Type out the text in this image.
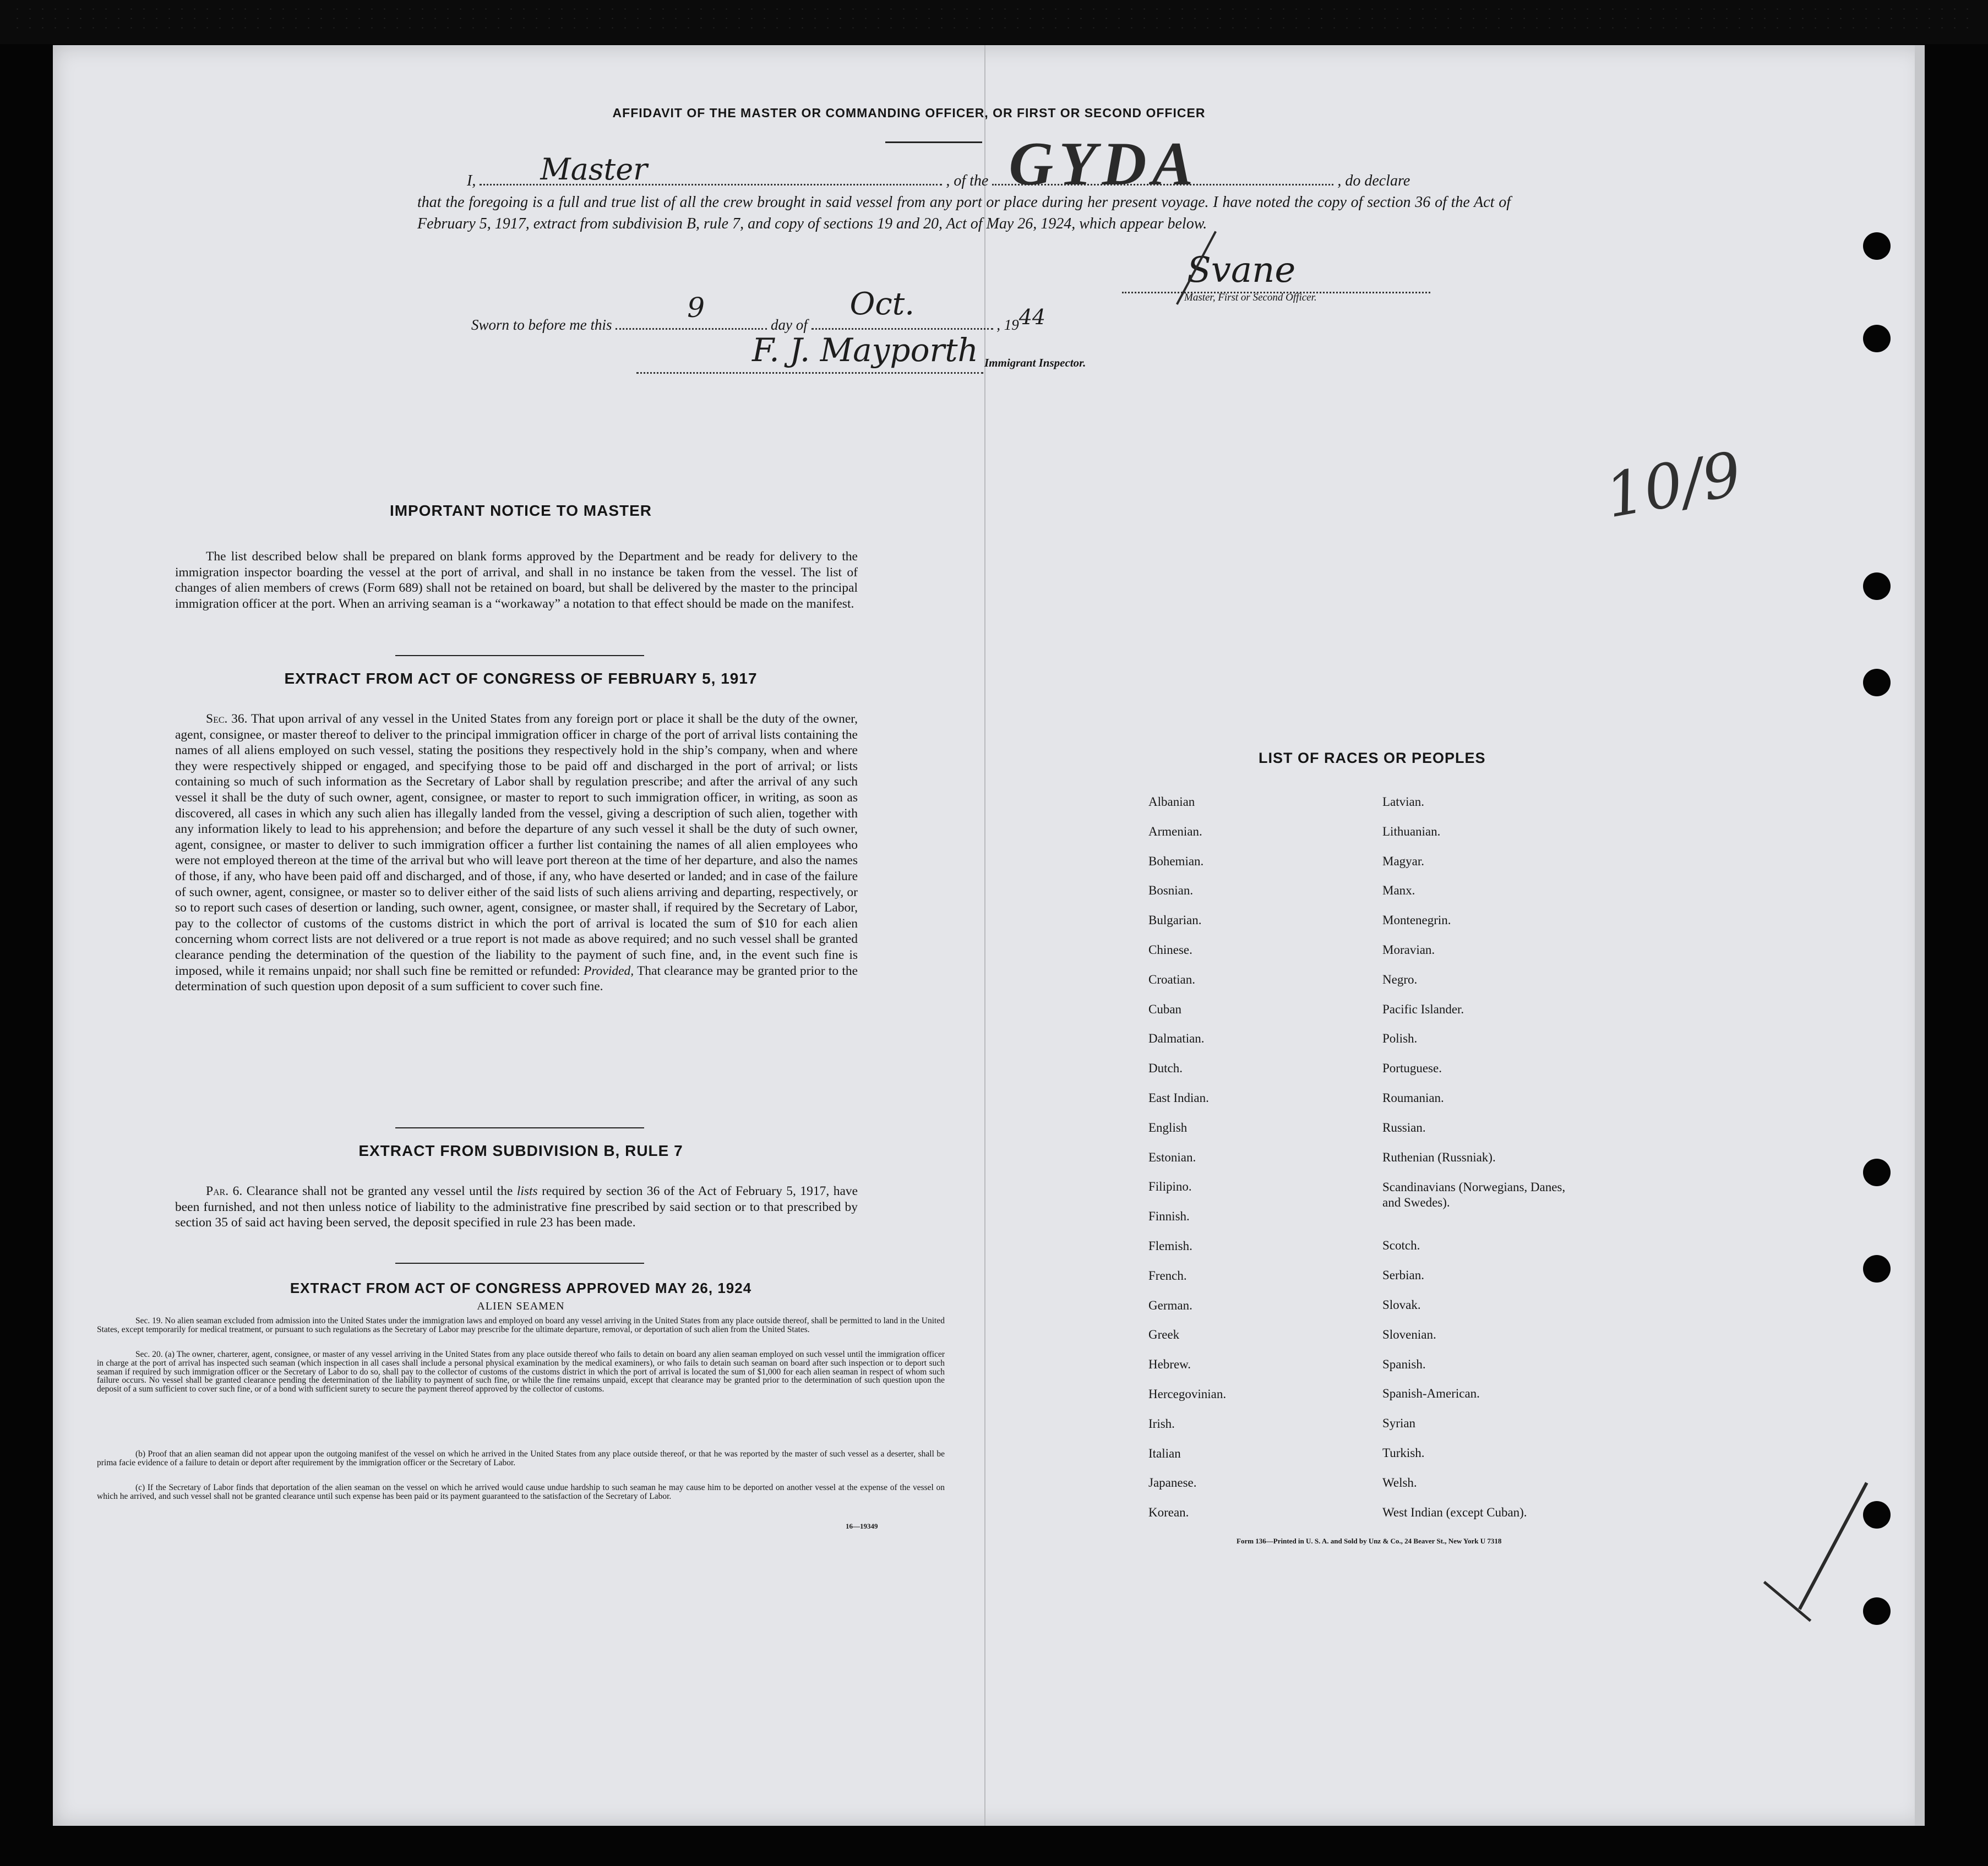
AFFIDAVIT OF THE MASTER OR COMMANDING OFFICER, OR FIRST OR SECOND OFFICER
I, Master	, of the GYDA	, do declare
that the foregoing is a full and true list of all the crew brought in said vessel from any port or place during her present voyage. I have noted the copy of section 36 of the Act of February 5, 1917, extract from subdivision B, rule 7, and copy of sections 19 and 20, Act of May 26, 1924, which appear below.
Sworn to before me this
9
day of
Oct.
, 1944
Svane
Master, First or Second Officer.
F. J. Mayporth Immigrant Inspector.
10/9
IMPORTANT NOTICE TO MASTER
The list described below shall be prepared on blank forms approved by the Department and be ready for delivery to the immigration inspector boarding the vessel at the port of arrival, and shall in no instance be taken from the vessel. The list of changes of alien members of crews (Form 689) shall not be retained on board, but shall be delivered by the master to the principal immigration officer at the port. When an arriving seaman is a “workaway” a notation to that effect should be made on the manifest.
EXTRACT FROM ACT OF CONGRESS OF FEBRUARY 5, 1917
Sec. 36. That upon arrival of any vessel in the United States from any foreign port or place it shall be the duty of the owner, agent, consignee, or master thereof to deliver to the principal immigration officer in charge of the port of arrival lists containing the names of all aliens employed on such vessel, stating the positions they respectively hold in the ship’s company, when and where they were respectively shipped or engaged, and specifying those to be paid off and discharged in the port of arrival; or lists containing so much of such information as the Secretary of Labor shall by regulation prescribe; and after the arrival of any such vessel it shall be the duty of such owner, agent, consignee, or master to report to such immigration officer, in writing, as soon as discovered, all cases in which any such alien has illegally landed from the vessel, giving a description of such alien, together with any information likely to lead to his apprehension; and before the departure of any such vessel it shall be the duty of such owner, agent, consignee, or master to deliver to such immigration officer a further list containing the names of all alien employees who were not employed thereon at the time of the arrival but who will leave port thereon at the time of her departure, and also the names of those, if any, who have been paid off and discharged, and of those, if any, who have deserted or landed; and in case of the failure of such owner, agent, consignee, or master so to deliver either of the said lists of such aliens arriving and departing, respectively, or so to report such cases of desertion or landing, such owner, agent, consignee, or master shall, if required by the Secretary of Labor, pay to the collector of customs of the customs district in which the port of arrival is located the sum of $10 for each alien concerning whom correct lists are not delivered or a true report is not made as above required; and no such vessel shall be granted clearance pending the determination of the question of the liability to the payment of such fine, and, in the event such fine is imposed, while it remains unpaid; nor shall such fine be remitted or refunded: Provided, That clearance may be granted prior to the determination of such question upon deposit of a sum sufficient to cover such fine.
EXTRACT FROM SUBDIVISION B, RULE 7
Par. 6. Clearance shall not be granted any vessel until the lists required by section 36 of the Act of February 5, 1917, have been furnished, and not then unless notice of liability to the administrative fine prescribed by said section or to that prescribed by section 35 of said act having been served, the deposit specified in rule 23 has been made.
EXTRACT FROM ACT OF CONGRESS APPROVED MAY 26, 1924
ALIEN SEAMEN
Sec. 19. No alien seaman excluded from admission into the United States under the immigration laws and employed on board any vessel arriving in the United States from any place outside thereof, shall be permitted to land in the United States, except temporarily for medical treatment, or pursuant to such regulations as the Secretary of Labor may prescribe for the ultimate departure, removal, or deportation of such alien from the United States.
Sec. 20. (a) The owner, charterer, agent, consignee, or master of any vessel arriving in the United States from any place outside thereof who fails to detain on board any alien seaman employed on such vessel until the immigration officer in charge at the port of arrival has inspected such seaman (which inspection in all cases shall include a personal physical examination by the medical examiners), or who fails to detain such seaman on board after such inspection or to deport such seaman if required by such immigration officer or the Secretary of Labor to do so, shall pay to the collector of customs of the customs district in which the port of arrival is located the sum of $1,000 for each alien seaman in respect of whom such failure occurs. No vessel shall be granted clearance pending the determination of the liability to payment of such fine, or while the fine remains unpaid, except that clearance may be granted prior to the determination of such question upon the deposit of a sum sufficient to cover such fine, or of a bond with sufficient surety to secure the payment thereof approved by the collector of customs.
(b) Proof that an alien seaman did not appear upon the outgoing manifest of the vessel on which he arrived in the United States from any place outside thereof, or that he was reported by the master of such vessel as a deserter, shall be prima facie evidence of a failure to detain or deport after requirement by the immigration officer or the Secretary of Labor.
(c) If the Secretary of Labor finds that deportation of the alien seaman on the vessel on which he arrived would cause undue hardship to such seaman he may cause him to be deported on another vessel at the expense of the vessel on which he arrived, and such vessel shall not be granted clearance until such expense has been paid or its payment guaranteed to the satisfaction of the Secretary of Labor.
16—19349
LIST OF RACES OR PEOPLES
Albanian
Armenian.
Bohemian.
Bosnian.
Bulgarian.
Chinese.
Croatian.
Cuban
Dalmatian.
Dutch.
East Indian.
English
Estonian.
Filipino.
Finnish.
Flemish.
French.
German.
Greek
Hebrew.
Hercegovinian.
Irish.
Italian
Japanese.
Korean.
Latvian.
Lithuanian.
Magyar.
Manx.
Montenegrin.
Moravian.
Negro.
Pacific Islander.
Polish.
Portuguese.
Roumanian.
Russian.
Ruthenian (Russniak).
Scandinavians (Norwegians, Danes, and Swedes).
Scotch.
Serbian.
Slovak.
Slovenian.
Spanish.
Spanish-American.
Syrian
Turkish.
Welsh.
West Indian (except Cuban).
Form 136—Printed in U. S. A. and Sold by Unz & Co., 24 Beaver St., New York U 7318
